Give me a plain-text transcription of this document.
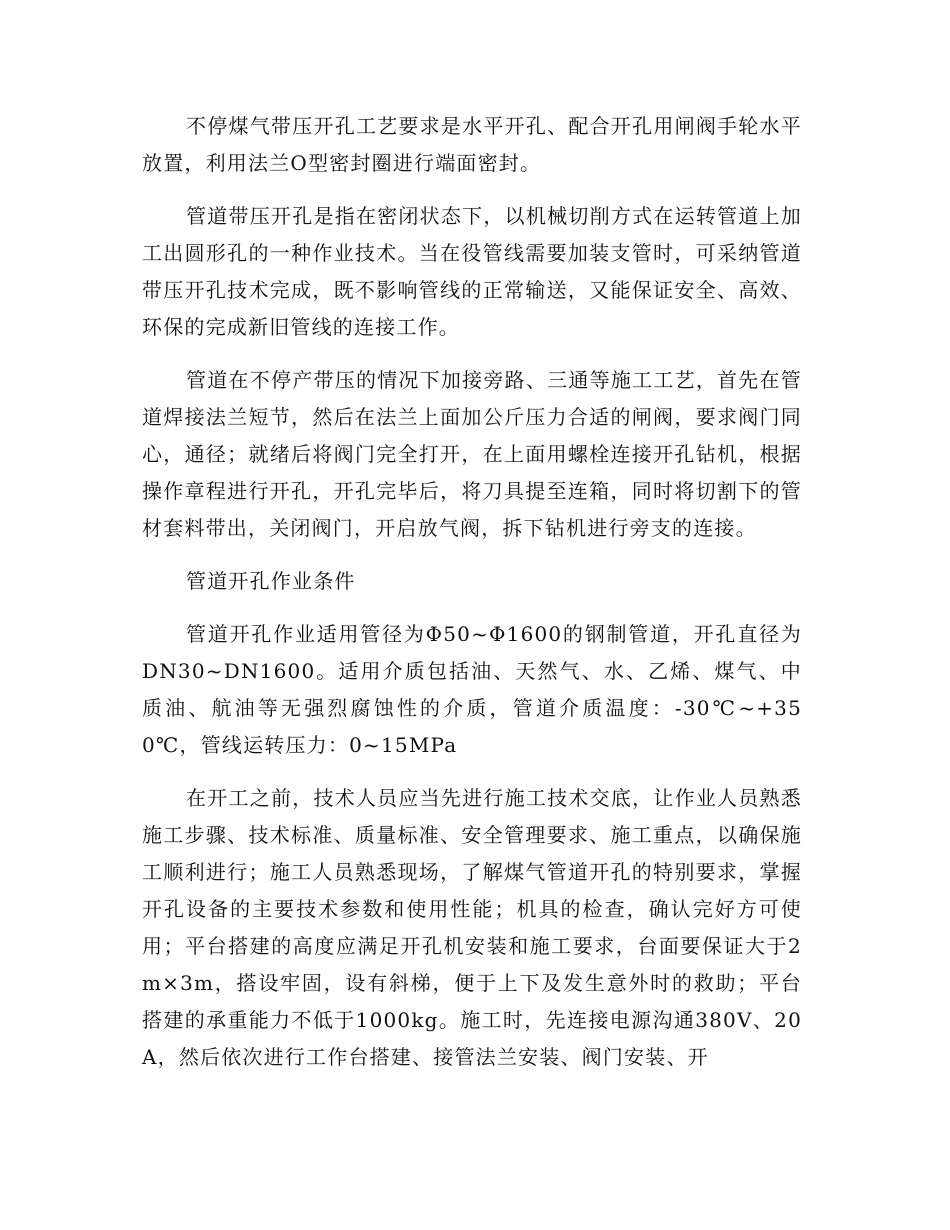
不停煤气带压开孔工艺要求是水平开孔、配合开孔用闸阀手轮水平放置，利用法兰O型密封圈进行端面密封。

管道带压开孔是指在密闭状态下，以机械切削方式在运转管道上加工出圆形孔的一种作业技术。当在役管线需要加装支管时，可采纳管道带压开孔技术完成，既不影响管线的正常输送，又能保证安全、高效、环保的完成新旧管线的连接工作。

管道在不停产带压的情况下加接旁路、三通等施工工艺，首先在管道焊接法兰短节，然后在法兰上面加公斤压力合适的闸阀，要求阀门同心，通径；就绪后将阀门完全打开，在上面用螺栓连接开孔钻机，根据操作章程进行开孔，开孔完毕后，将刀具提至连箱，同时将切割下的管材套料带出，关闭阀门，开启放气阀，拆下钻机进行旁支的连接。

管道开孔作业条件

管道开孔作业适用管径为Φ50~Φ1600的钢制管道，开孔直径为DN30~DN1600。适用介质包括油、天然气、水、乙烯、煤气、中质油、航油等无强烈腐蚀性的介质，管道介质温度：-30℃~+350℃，管线运转压力：0~15MPa

在开工之前，技术人员应当先进行施工技术交底，让作业人员熟悉施工步骤、技术标准、质量标准、安全管理要求、施工重点，以确保施工顺利进行；施工人员熟悉现场，了解煤气管道开孔的特别要求，掌握开孔设备的主要技术参数和使用性能；机具的检查，确认完好方可使用；平台搭建的高度应满足开孔机安装和施工要求，台面要保证大于2m×3m，搭设牢固，设有斜梯，便于上下及发生意外时的救助；平台搭建的承重能力不低于1000kg。施工时，先连接电源沟通380V、20A，然后依次进行工作台搭建、接管法兰安装、阀门安装、开
